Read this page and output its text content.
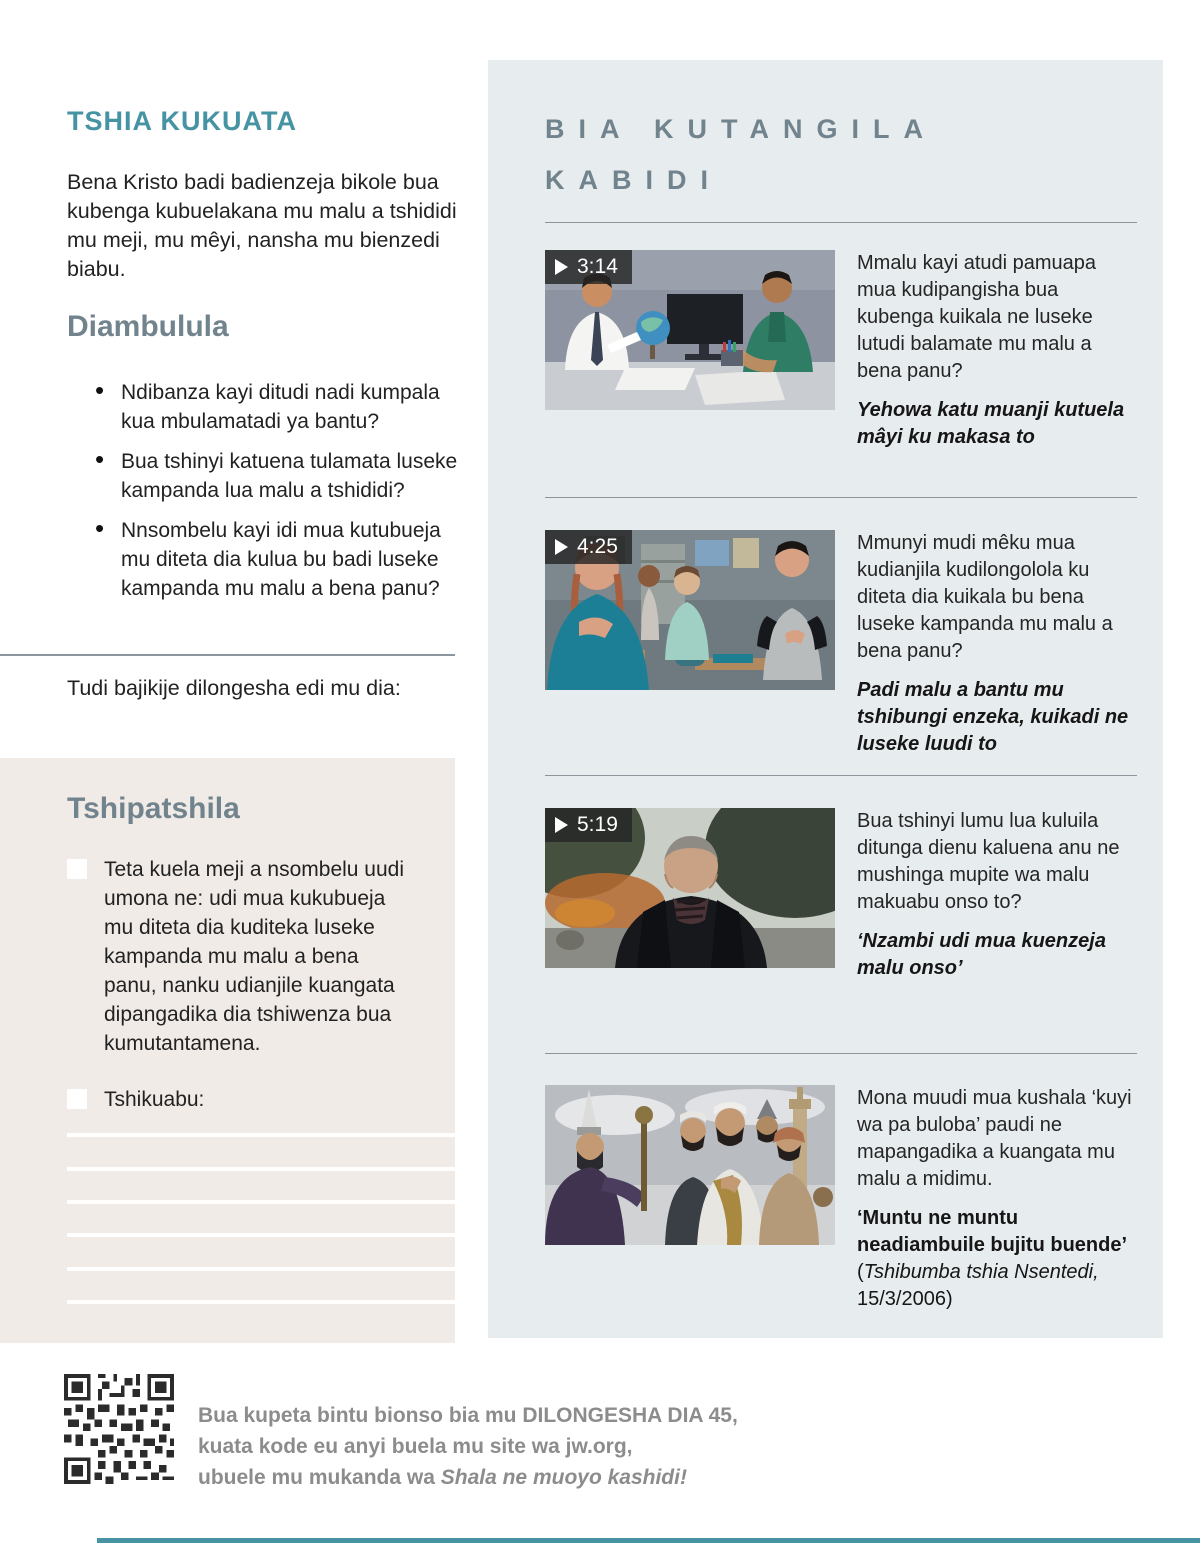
TSHIA KUKUATA

Bena Kristo badi badienzeja bikole bua kubenga kubuelakana mu malu a tshididi mu meji, mu mêyi, nansha mu bienzedi biabu.

Diambulula
• Ndibanza kayi ditudi nadi kumpala kua mbulamatadi ya bantu?
• Bua tshinyi katuena tulamata luseke kampanda lua malu a tshididi?
• Nnsombelu kayi idi mua kutubueja mu diteta dia kulua bu badi luseke kampanda mu malu a bena panu?

Tudi bajikije dilongesha edi mu dia:

Tshipatshila
Teta kuela meji a nsombelu uudi umona ne: udi mua kukubueja mu diteta dia kuditeka luseke kampanda mu malu a bena panu, nanku udianjile kuangata dipangadika dia tshiwenza bua kumutantamena.
Tshikuabu:
BIA KUTANGILA
KABIDI
3:14	Mmalu kayi atudi pamuapa mua kudipangisha bua kubenga kuikala ne luseke lutudi balamate mu malu a bena panu?

Yehowa katu muanji kutuela mâyi ku makasa to

4:25	Mmunyi mudi mêku mua kudianjila kudilongolola ku diteta dia kuikala bu bena luseke kampanda mu malu a bena panu?

Padi malu a bantu mu tshibungi enzeka, kuikadi ne luseke luudi to

5:19	Bua tshinyi lumu lua kuluila ditunga dienu kaluena anu ne mushinga mupite wa malu makuabu onso to?

‘Nzambi udi mua kuenzeja malu onso’

Mona muudi mua kushala ‘kuyi wa pa buloba’ paudi ne mapangadika a kuangata mu malu a midimu.

‘Muntu ne muntu neadiambuile bujitu buende’ (Tshibumba tshia Nsentedi, 15/3/2006)

Bua kupeta bintu bionso bia mu DILONGESHA DIA 45,
kuata kode eu anyi buela mu site wa jw.org,
ubuele mu mukanda wa Shala ne muoyo kashidi!
